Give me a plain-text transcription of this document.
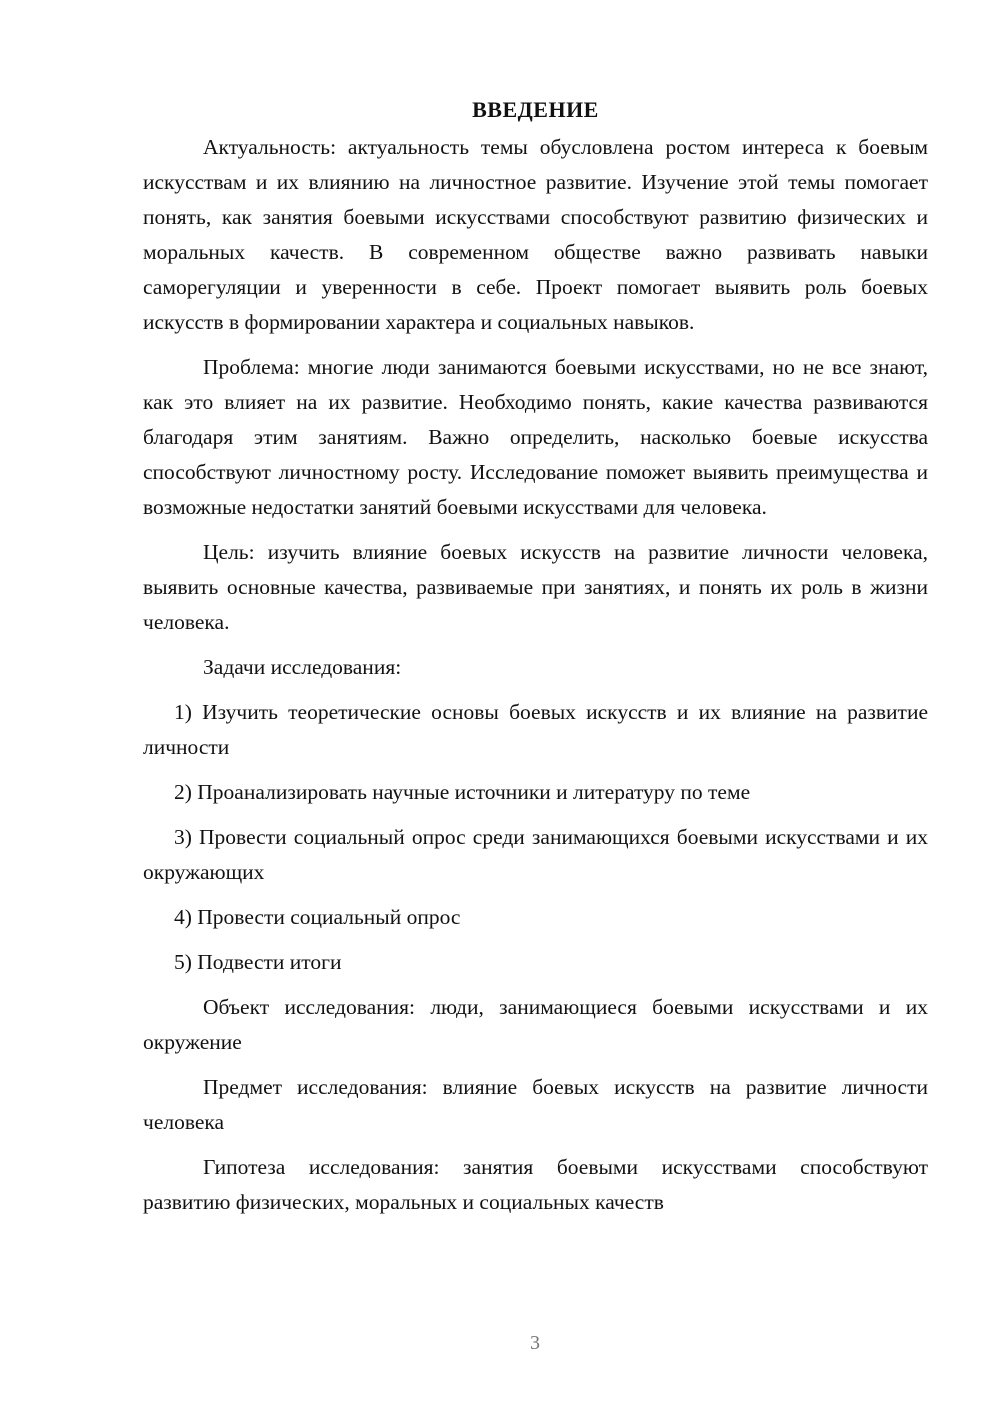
ВВЕДЕНИЕ

Актуальность: актуальность темы обусловлена ростом интереса к боевым искусствам и их влиянию на личностное развитие. Изучение этой темы помогает понять, как занятия боевыми искусствами способствуют развитию физических и моральных качеств. В современном обществе важно развивать навыки саморегуляции и уверенности в себе. Проект помогает выявить роль боевых искусств в формировании характера и социальных навыков.

Проблема: многие люди занимаются боевыми искусствами, но не все знают, как это влияет на их развитие. Необходимо понять, какие качества развиваются благодаря этим занятиям. Важно определить, насколько боевые искусства способствуют личностному росту. Исследование поможет выявить преимущества и возможные недостатки занятий боевыми искусствами для человека.

Цель: изучить влияние боевых искусств на развитие личности человека, выявить основные качества, развиваемые при занятиях, и понять их роль в жизни человека.

Задачи исследования:

1) Изучить теоретические основы боевых искусств и их влияние на развитие личности

2) Проанализировать научные источники и литературу по теме

3) Провести социальный опрос среди занимающихся боевыми искусствами и их окружающих

4) Провести социальный опрос

5) Подвести итоги

Объект исследования: люди, занимающиеся боевыми искусствами и их окружение

Предмет исследования: влияние боевых искусств на развитие личности человека

Гипотеза исследования: занятия боевыми искусствами способствуют развитию физических, моральных и социальных качеств

3
